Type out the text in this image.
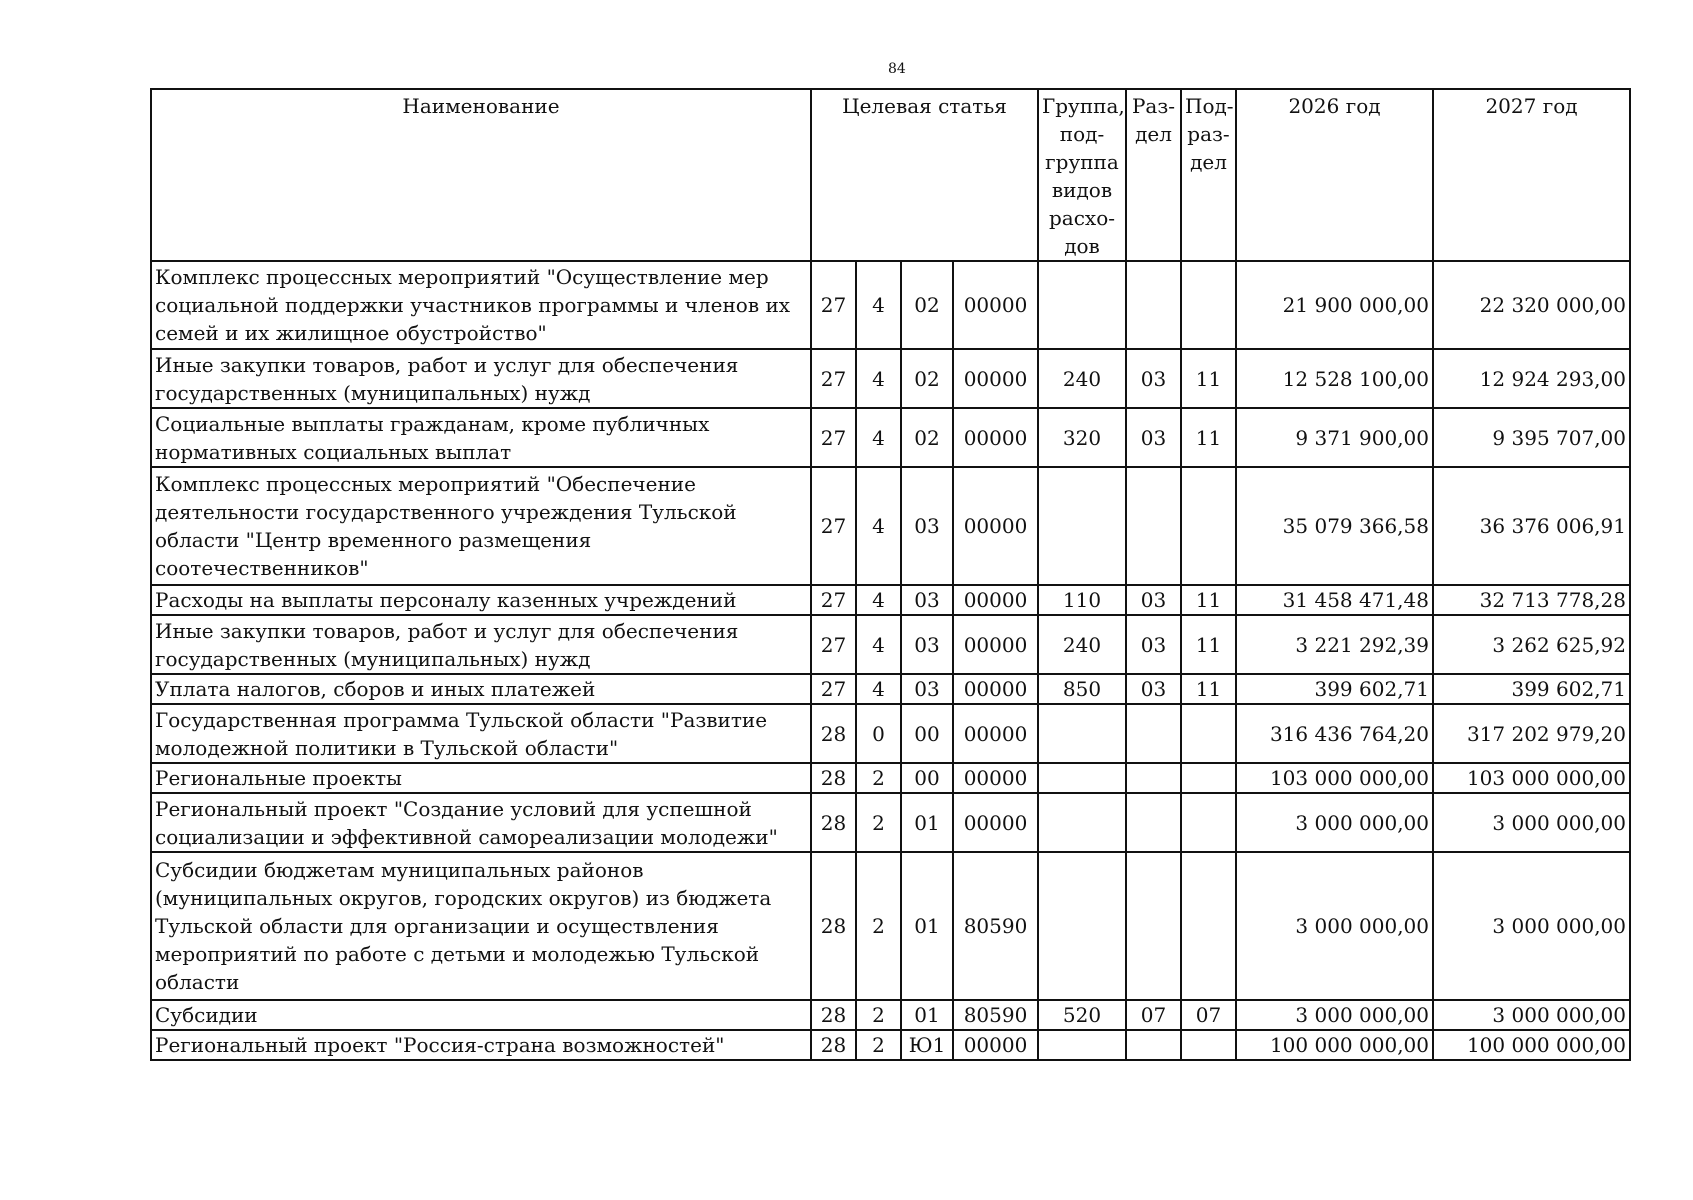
84
Наименование	Целевая статья				Группа, под- группа видов расхо- дов	Раз- дел	Под- раз- дел	2026 год	2027 год
Комплекс процессных мероприятий "Осуществление мер социальной поддержки участников программы и членов их семей и их жилищное обустройство"	27	4	02	00000				21 900 000,00	22 320 000,00
Иные закупки товаров, работ и услуг для обеспечения государственных (муниципальных) нужд	27	4	02	00000	240	03	11	12 528 100,00	12 924 293,00
Социальные выплаты гражданам, кроме публичных нормативных социальных выплат	27	4	02	00000	320	03	11	9 371 900,00	9 395 707,00
Комплекс процессных мероприятий "Обеспечение деятельности государственного учреждения Тульской области "Центр временного размещения соотечественников"	27	4	03	00000				35 079 366,58	36 376 006,91
Расходы на выплаты персоналу казенных учреждений	27	4	03	00000	110	03	11	31 458 471,48	32 713 778,28
Иные закупки товаров, работ и услуг для обеспечения государственных (муниципальных) нужд	27	4	03	00000	240	03	11	3 221 292,39	3 262 625,92
Уплата налогов, сборов и иных платежей	27	4	03	00000	850	03	11	399 602,71	399 602,71
Государственная программа Тульской области "Развитие молодежной политики в Тульской области"	28	0	00	00000				316 436 764,20	317 202 979,20
Региональные проекты	28	2	00	00000				103 000 000,00	103 000 000,00
Региональный проект "Создание условий для успешной социализации и эффективной самореализации молодежи"	28	2	01	00000				3 000 000,00	3 000 000,00
Субсидии бюджетам муниципальных районов (муниципальных округов, городских округов) из бюджета Тульской области для организации и осуществления мероприятий по работе с детьми и молодежью Тульской области	28	2	01	80590				3 000 000,00	3 000 000,00
Субсидии	28	2	01	80590	520	07	07	3 000 000,00	3 000 000,00
Региональный проект "Россия-страна возможностей"	28	2	Ю1	00000				100 000 000,00	100 000 000,00
